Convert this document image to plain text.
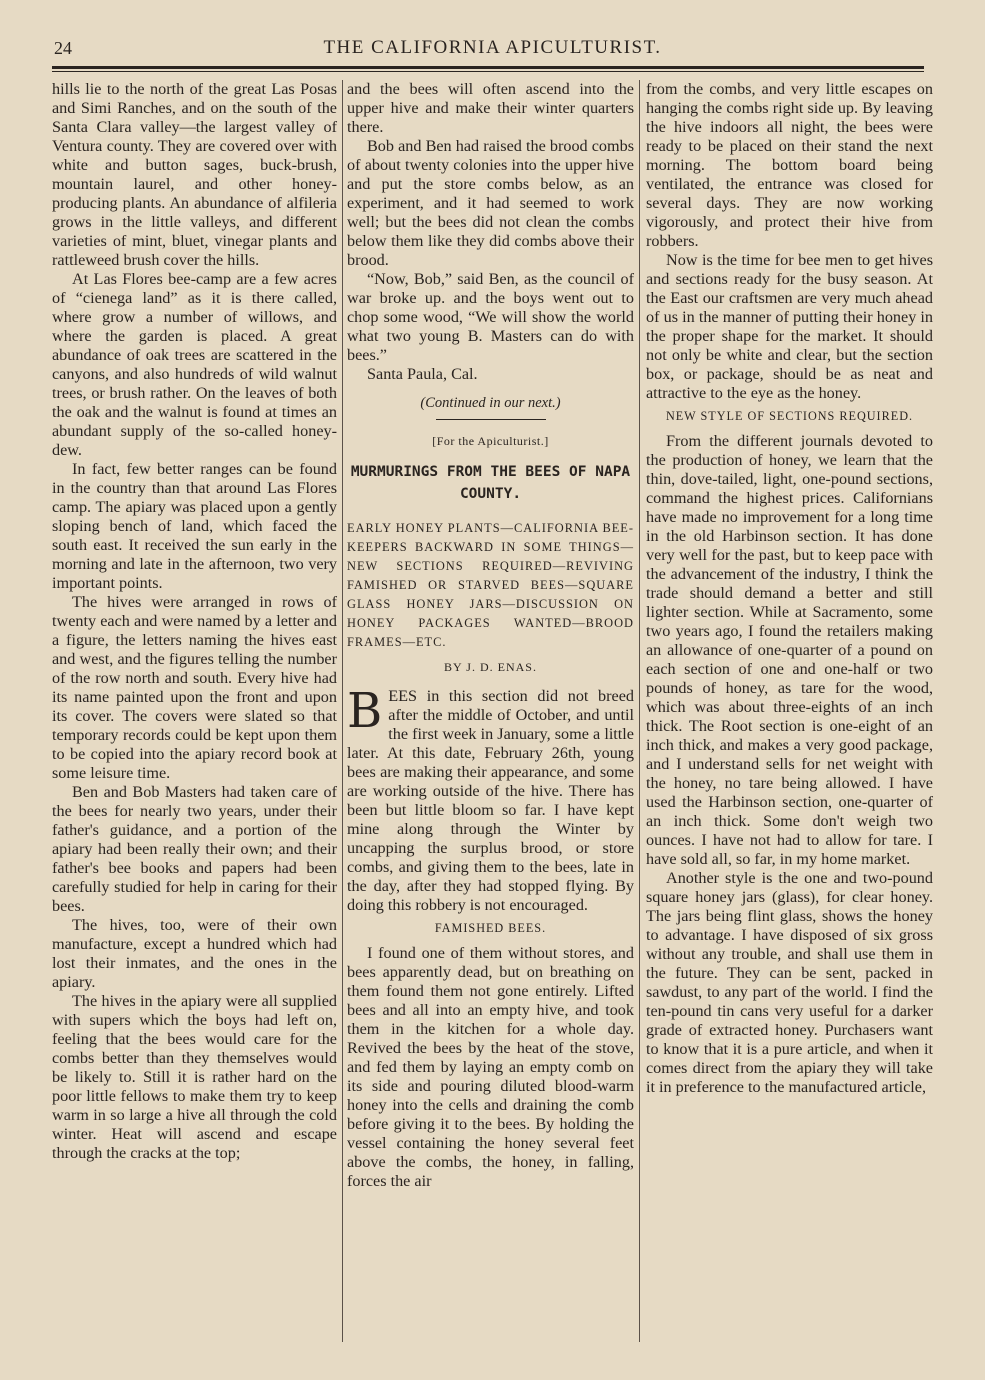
24	THE CALIFORNIA APICULTURIST.

hills lie to the north of the great Las Posas and Simi Ranches, and on the south of the Santa Clara valley—the largest valley of Ventura county. They are covered over with white and button sages, buck-brush, mountain laurel, and other honey-producing plants. An abundance of alfileria grows in the little valleys, and different varieties of mint, bluet, vinegar plants and rattleweed brush cover the hills.

At Las Flores bee-camp are a few acres of “cienega land” as it is there called, where grow a number of willows, and where the garden is placed. A great abundance of oak trees are scattered in the canyons, and also hundreds of wild walnut trees, or brush rather. On the leaves of both the oak and the walnut is found at times an abundant supply of the so-called honey-dew.

In fact, few better ranges can be found in the country than that around Las Flores camp. The apiary was placed upon a gently sloping bench of land, which faced the south east. It received the sun early in the morning and late in the afternoon, two very important points.

The hives were arranged in rows of twenty each and were named by a letter and a figure, the letters naming the hives east and west, and the figures telling the number of the row north and south. Every hive had its name painted upon the front and upon its cover. The covers were slated so that temporary records could be kept upon them to be copied into the apiary record book at some leisure time.

Ben and Bob Masters had taken care of the bees for nearly two years, under their father's guidance, and a portion of the apiary had been really their own; and their father's bee books and papers had been carefully studied for help in caring for their bees.

The hives, too, were of their own manufacture, except a hundred which had lost their inmates, and the ones in the apiary.

The hives in the apiary were all supplied with supers which the boys had left on, feeling that the bees would care for the combs better than they themselves would be likely to. Still it is rather hard on the poor little fellows to make them try to keep warm in so large a hive all through the cold winter. Heat will ascend and escape through the cracks at the top;

and the bees will often ascend into the upper hive and make their winter quarters there.

Bob and Ben had raised the brood combs of about twenty colonies into the upper hive and put the store combs below, as an experiment, and it had seemed to work well; but the bees did not clean the combs below them like they did combs above their brood.

“Now, Bob,” said Ben, as the council of war broke up. and the boys went out to chop some wood, “We will show the world what two young B. Masters can do with bees.”

Santa Paula, Cal.

(Continued in our next.)
[For the Apiculturist.]
MURMURINGS FROM THE BEES OF NAPA COUNTY.
EARLY HONEY PLANTS—CALIFORNIA BEE-KEEPERS BACKWARD IN SOME THINGS—NEW SECTIONS REQUIRED—REVIVING FAMISHED OR STARVED BEES—SQUARE GLASS HONEY JARS—DISCUSSION ON HONEY PACKAGES WANTED—BROOD FRAMES—ETC.
BY J. D. ENAS.
B EES in this section did not breed after the middle of October, and until the first week in January, some a little later. At this date, February 26th, young bees are making their appearance, and some are working outside of the hive. There has been but little bloom so far. I have kept mine along through the Winter by uncapping the surplus brood, or store combs, and giving them to the bees, late in the day, after they had stopped flying. By doing this robbery is not encouraged.

FAMISHED BEES.

I found one of them without stores, and bees apparently dead, but on breathing on them found them not gone entirely. Lifted bees and all into an empty hive, and took them in the kitchen for a whole day. Revived the bees by the heat of the stove, and fed them by laying an empty comb on its side and pouring diluted blood-warm honey into the cells and draining the comb before giving it to the bees. By holding the vessel containing the honey several feet above the combs, the honey, in falling, forces the air

from the combs, and very little escapes on hanging the combs right side up. By leaving the hive indoors all night, the bees were ready to be placed on their stand the next morning. The bottom board being ventilated, the entrance was closed for several days. They are now working vigorously, and protect their hive from robbers.

Now is the time for bee men to get hives and sections ready for the busy season. At the East our craftsmen are very much ahead of us in the manner of putting their honey in the proper shape for the market. It should not only be white and clear, but the section box, or package, should be as neat and attractive to the eye as the honey.

NEW STYLE OF SECTIONS REQUIRED.

From the different journals devoted to the production of honey, we learn that the thin, dove-tailed, light, one-pound sections, command the highest prices. Californians have made no improvement for a long time in the old Harbinson section. It has done very well for the past, but to keep pace with the advancement of the industry, I think the trade should demand a better and still lighter section. While at Sacramento, some two years ago, I found the retailers making an allowance of one-quarter of a pound on each section of one and one-half or two pounds of honey, as tare for the wood, which was about three-eights of an inch thick. The Root section is one-eight of an inch thick, and makes a very good package, and I understand sells for net weight with the honey, no tare being allowed. I have used the Harbinson section, one-quarter of an inch thick. Some don't weigh two ounces. I have not had to allow for tare. I have sold all, so far, in my home market.

Another style is the one and two-pound square honey jars (glass), for clear honey. The jars being flint glass, shows the honey to advantage. I have disposed of six gross without any trouble, and shall use them in the future. They can be sent, packed in sawdust, to any part of the world. I find the ten-pound tin cans very useful for a darker grade of extracted honey. Purchasers want to know that it is a pure article, and when it comes direct from the apiary they will take it in preference to the manufactured article,
